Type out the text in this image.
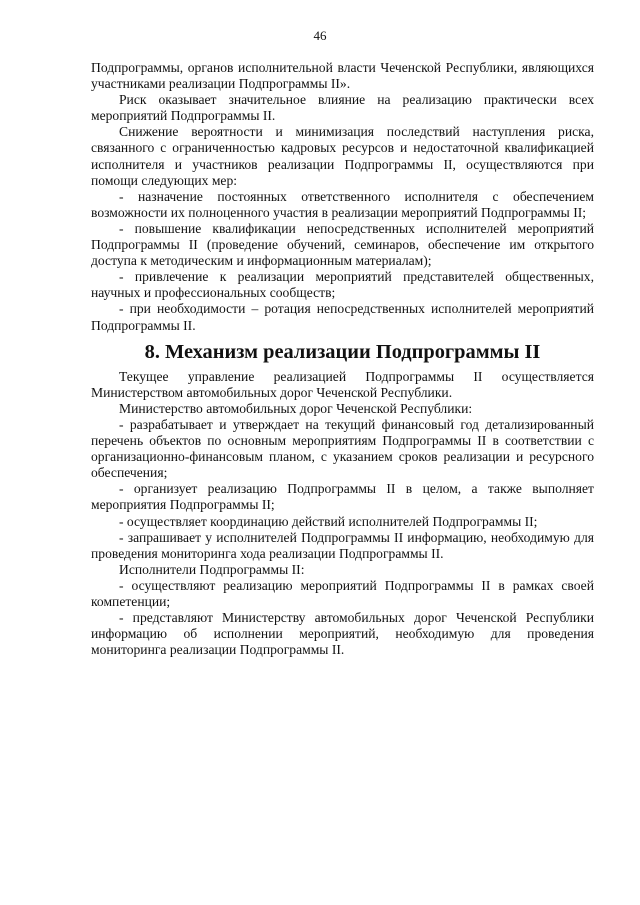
46

Подпрограммы, органов исполнительной власти Чеченской Республики, являющихся участниками реализации Подпрограммы II».

Риск оказывает значительное влияние на реализацию практически всех мероприятий Подпрограммы II.

Снижение вероятности и минимизация последствий наступления риска, связанного с ограниченностью кадровых ресурсов и недостаточной квалификацией исполнителя и участников реализации Подпрограммы II, осуществляются при помощи следующих мер:

- назначение постоянных ответственного исполнителя с обеспечением возможности их полноценного участия в реализации мероприятий Подпрограммы II;

- повышение квалификации непосредственных исполнителей мероприятий Подпрограммы II (проведение обучений, семинаров, обеспечение им открытого доступа к методическим и информационным материалам);

- привлечение к реализации мероприятий представителей общественных, научных и профессиональных сообществ;

- при необходимости – ротация непосредственных исполнителей мероприятий Подпрограммы II.

8. Механизм реализации Подпрограммы II

Текущее управление реализацией Подпрограммы II осуществляется Министерством автомобильных дорог Чеченской Республики.

Министерство автомобильных дорог Чеченской Республики:

- разрабатывает и утверждает на текущий финансовый год детализированный перечень объектов по основным мероприятиям Подпрограммы II в соответствии с организационно-финансовым планом, с указанием сроков реализации и ресурсного обеспечения;

- организует реализацию Подпрограммы II в целом, а также выполняет мероприятия Подпрограммы II;

- осуществляет координацию действий исполнителей Подпрограммы II;

- запрашивает у исполнителей Подпрограммы II информацию, необходимую для проведения мониторинга хода реализации Подпрограммы II.

Исполнители Подпрограммы II:

- осуществляют реализацию мероприятий Подпрограммы II в рамках своей компетенции;

- представляют Министерству автомобильных дорог Чеченской Республики информацию об исполнении мероприятий, необходимую для проведения мониторинга реализации Подпрограммы II.
